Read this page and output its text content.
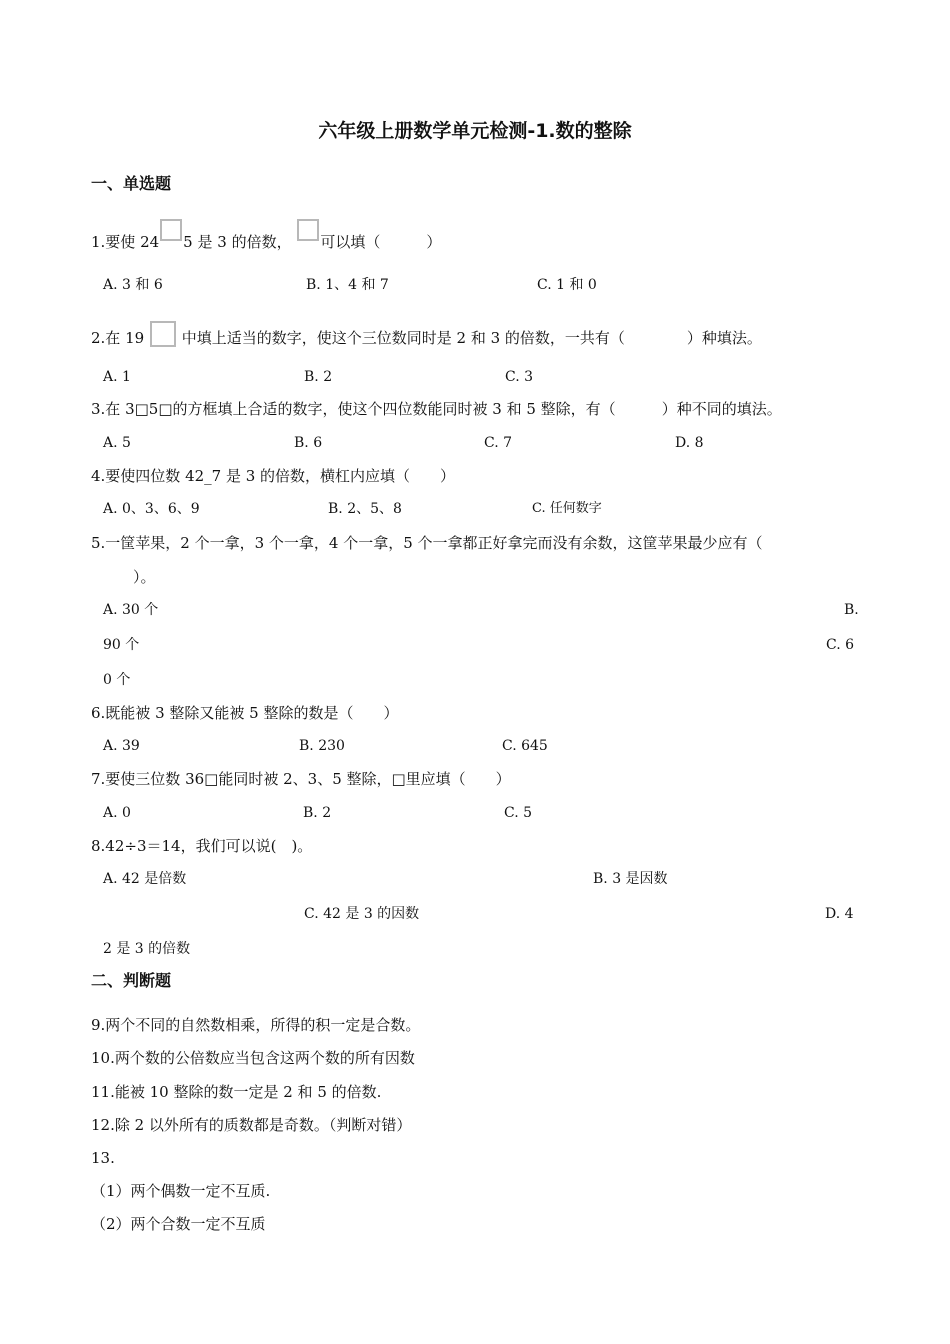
六年级上册数学单元检测-1.数的整除
一、单选题
1.要使 24 5 是 3 的倍数， 可以填（	）
A. 3 和 6	B. 1、4 和 7	C. 1 和 0
2.在 19	中填上适当的数字，使这个三位数同时是 2 和 3 的倍数，一共有（	）种填法。
A. 1	B. 2	C. 3
3.在 3□5□的方框填上合适的数字，使这个四位数能同时被 3 和 5 整除，有（	）种不同的填法。
A. 5	B. 6	C. 7	D. 8
4.要使四位数 42_7 是 3 的倍数，横杠内应填（　　）
A. 0、3、6、9	B. 2、5、8	C. 任何数字
5.一筐苹果，2 个一拿，3 个一拿，4 个一拿，5 个一拿都正好拿完而没有余数，这筐苹果最少应有（
）。
A. 30 个	B.
90 个	C. 6
0 个
6.既能被 3 整除又能被 5 整除的数是（　　）
A. 39	B. 230	C. 645
7.要使三位数 36□能同时被 2、3、5 整除，□里应填（　　）
A. 0	B. 2	C. 5
8.42÷3＝14，我们可以说(　)。
A. 42 是倍数	B. 3 是因数
C. 42 是 3 的因数	D. 4
2 是 3 的倍数
二、判断题
9.两个不同的自然数相乘，所得的积一定是合数。
10.两个数的公倍数应当包含这两个数的所有因数
11.能被 10 整除的数一定是 2 和 5 的倍数.
12.除 2 以外所有的质数都是奇数。（判断对错）
13.
（1）两个偶数一定不互质.
（2）两个合数一定不互质
